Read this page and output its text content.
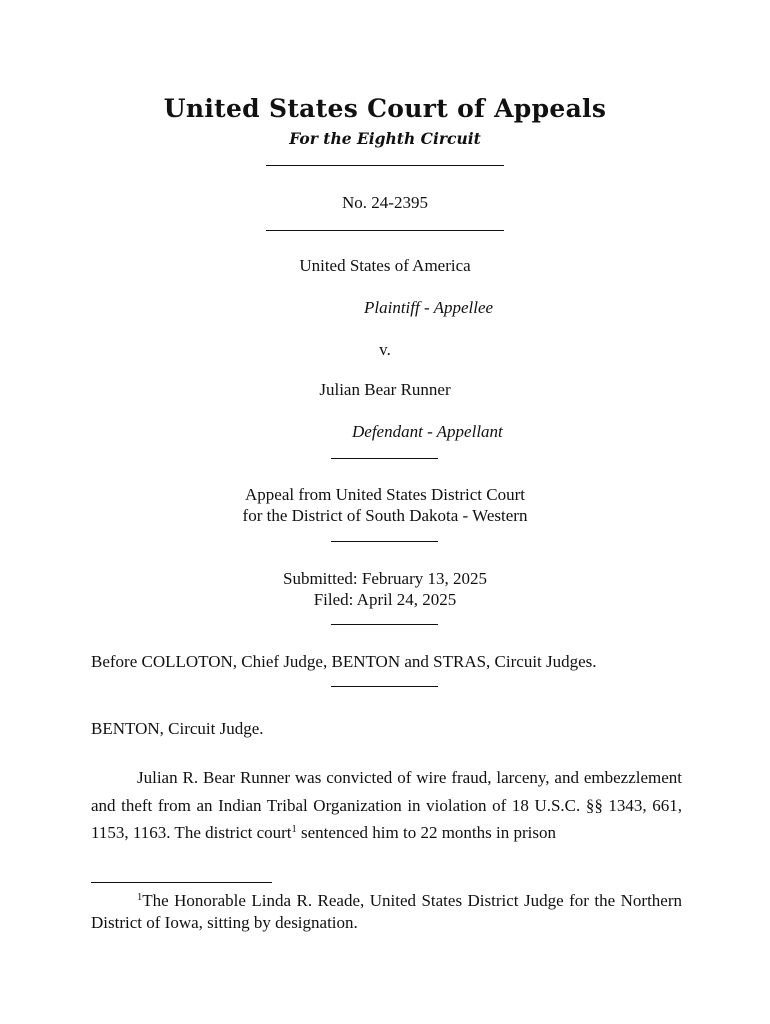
United States Court of Appeals
For the Eighth Circuit
No. 24-2395
United States of America
Plaintiff - Appellee
v.
Julian Bear Runner
Defendant - Appellant
Appeal from United States District Court
for the District of South Dakota - Western
Submitted: February 13, 2025
Filed: April 24, 2025
Before COLLOTON, Chief Judge, BENTON and STRAS, Circuit Judges.
BENTON, Circuit Judge.
Julian R. Bear Runner was convicted of wire fraud, larceny, and embezzlement and theft from an Indian Tribal Organization in violation of 18 U.S.C. §§ 1343, 661, 1153, 1163. The district court$^1$ sentenced him to 22 months in prison
$^1$The Honorable Linda R. Reade, United States District Judge for the Northern District of Iowa, sitting by designation.
